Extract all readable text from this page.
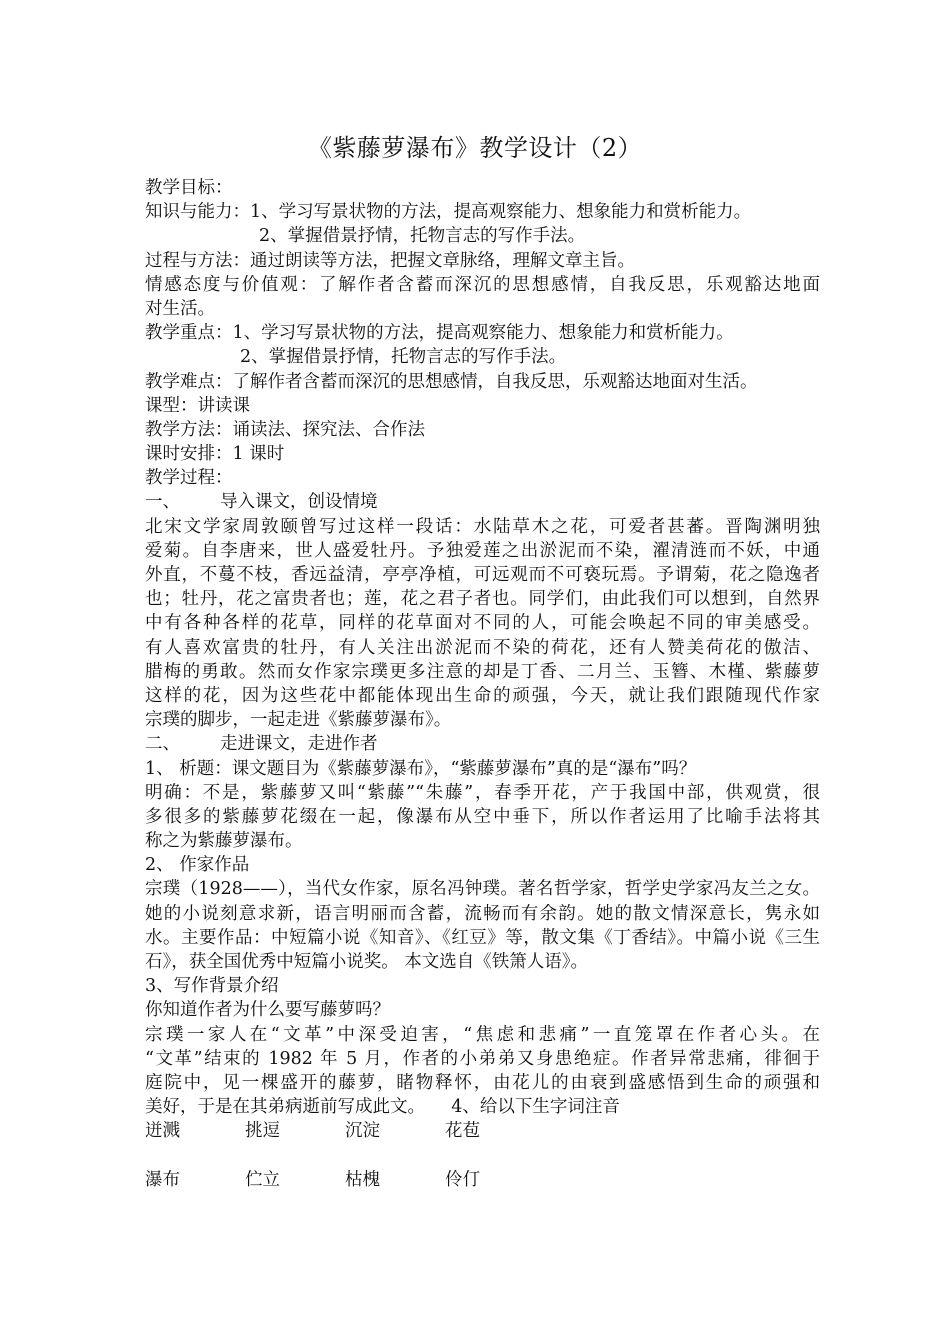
《紫藤萝瀑布》教学设计（2）
教学目标：
知识与能力：1、学习写景状物的方法，提高观察能力、想象能力和赏析能力。
2、掌握借景抒情，托物言志的写作手法。
过程与方法：通过朗读等方法，把握文章脉络，理解文章主旨。
情感态度与价值观：了解作者含蓄而深沉的思想感情，自我反思，乐观豁达地面
对生活。
教学重点：1、学习写景状物的方法，提高观察能力、想象能力和赏析能力。
2、掌握借景抒情，托物言志的写作手法。
教学难点：了解作者含蓄而深沉的思想感情，自我反思，乐观豁达地面对生活。
课型：讲读课
教学方法：诵读法、探究法、合作法
课时安排：1 课时
教学过程：
一、 导入课文，创设情境
北宋文学家周敦颐曾写过这样一段话：水陆草木之花，可爱者甚蕃。晋陶渊明独
爱菊。自李唐来，世人盛爱牡丹。予独爱莲之出淤泥而不染，濯清涟而不妖，中通
外直，不蔓不枝，香远益清，亭亭净植，可远观而不可亵玩焉。予谓菊，花之隐逸者
也；牡丹，花之富贵者也；莲，花之君子者也。同学们，由此我们可以想到，自然界
中有各种各样的花草，同样的花草面对不同的人，可能会唤起不同的审美感受。
有人喜欢富贵的牡丹，有人关注出淤泥而不染的荷花，还有人赞美荷花的傲洁、
腊梅的勇敢。然而女作家宗璞更多注意的却是丁香、二月兰、玉簪、木槿、紫藤萝
这样的花，因为这些花中都能体现出生命的顽强，今天，就让我们跟随现代作家
宗璞的脚步，一起走进《紫藤萝瀑布》。
二、 走进课文，走进作者
1、 析题：课文题目为《紫藤萝瀑布》，“紫藤萝瀑布”真的是“瀑布”吗？
明确：不是，紫藤萝又叫“紫藤”“朱藤”，春季开花，产于我国中部，供观赏，很
多很多的紫藤萝花缀在一起，像瀑布从空中垂下，所以作者运用了比喻手法将其
称之为紫藤萝瀑布。
2、 作家作品
宗璞（1928——），当代女作家，原名冯钟璞。著名哲学家，哲学史学家冯友兰之女。
她的小说刻意求新，语言明丽而含蓄，流畅而有余韵。她的散文情深意长，隽永如
水。主要作品：中短篇小说《知音》、《红豆》等，散文集《丁香结》。中篇小说《三生
石》，获全国优秀中短篇小说奖。 本文选自《铁箫人语》。
3、写作背景介绍
你知道作者为什么要写藤萝吗？
宗璞一家人在“文革”中深受迫害，“焦虑和悲痛”一直笼罩在作者心头。在
“文革”结束的 1982 年 5 月，作者的小弟弟又身患绝症。作者异常悲痛，徘徊于
庭院中，见一棵盛开的藤萝，睹物释怀，由花儿的由衰到盛感悟到生命的顽强和
美好，于是在其弟病逝前写成此文。　　4、给以下生字词注音
迸溅	挑逗	沉淀	花苞
瀑布	伫立	枯槐	伶仃
